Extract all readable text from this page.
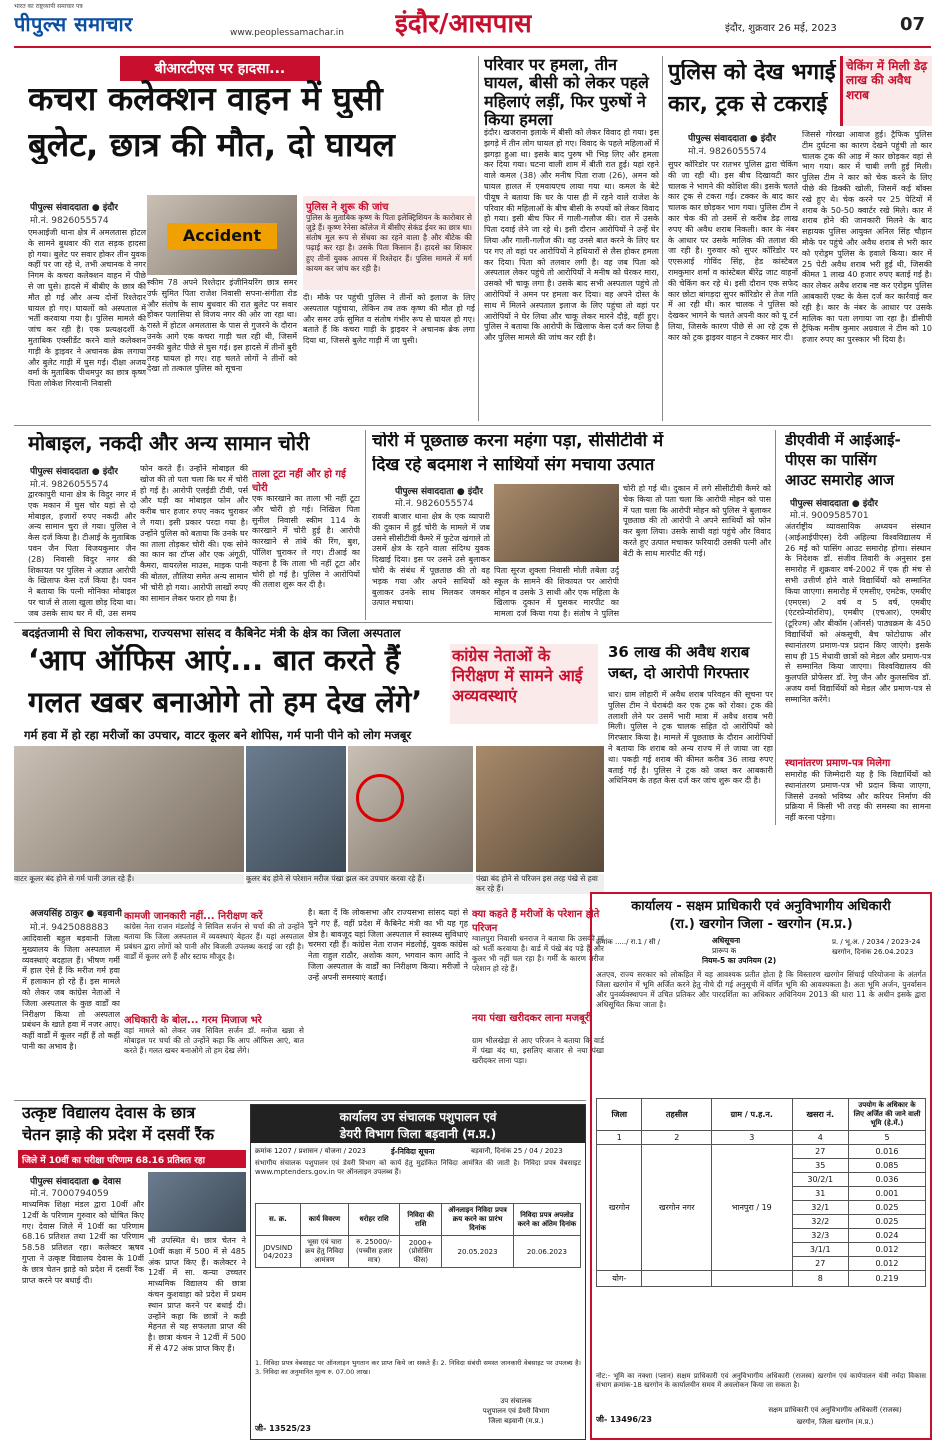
पीपुल्स समाचार
भारत का राष्ट्रव्यापी समाचार पत्र
www.peoplessamachar.in इंदौर/आसपास	इंदौर, शुक्रवार 26 मई, 2023	07
बीआरटीएस पर हादसा...
कचरा कलेक्शन वाहन में घुसी
बुलेट, छात्र की मौत, दो घायल
पीपुल्स संवाददाता ● इंदौर
मो.नं. 9826055574
Accident
पुलिस ने शुरू की जांच
पुलिस के मुताबिक कृष्ण के पिता इलेक्ट्रिशियन के कारोबार से जुड़े हैं। कृष्ण रेनेसा कॉलेज में बीसीए सेकंड ईयर का छात्र था। संतोष मूल रूप से सेंधवा का रहने वाला है और बीटेक की पढ़ाई कर रहा है। उसके पिता किसान हैं। हादसे का शिकार हुए तीनों युवक आपस में रिश्तेदार हैं। पुलिस मामले में मर्ग कायम कर जांच कर रही है।
एमआईजी थाना क्षेत्र में अमलतास होटल के सामने बुधवार की रात सड़क हादसा हो गया। बुलेट पर सवार होकर तीन युवक कहीं पर जा रहे थे, तभी अचानक वे नगर निगम के कचरा कलेक्शन वाहन में पीछे से जा घुसे। हादसे में बीबीए के छात्र की मौत हो गई और अन्य दोनों रिश्तेदार घायल हो गए। घायलों को अस्पताल में भर्ती करवाया गया है। पुलिस मामले की जांच कर रही है। एक प्रत्यक्षदर्शी के मुताबिक एक्सीडेंट करने वाले कलेक्शन गाड़ी के ड्राइवर ने अचानक ब्रेक लगाया और बुलेट गाड़ी में घुस गई। दीक्षा अजय वर्मा के मुताबिक पीथमपुर का छात्र कृष्ण पिता लोकेश गिरवानी निवासी
स्कीम 78 अपने रिश्तेदार इंजीनियरिंग छात्र समर उर्फ सुमित पिता राजेश निवासी सपना-संगीता रोड और संतोष के साथ बुधवार की रात बुलेट पर सवार होकर पलासिया से विजय नगर की ओर जा रहा था। रास्ते में होटल अमलतास के पास से गुजरने के दौरान उनके आगे एक कचरा गाड़ी चल रही थी, जिसमें उनकी बुलेट पीछे से घुस गई। इस हादसे में तीनों बुरी तरह घायल हो गए। राह चलते लोगों ने तीनों को देखा तो तत्काल पुलिस को सूचना
दी। मौके पर पहुंची पुलिस ने तीनों को इलाज के लिए अस्पताल पहुंचाया, लेकिन तब तक कृष्ण की मौत हो गई और समर उर्फ सुमित व संतोष गंभीर रूप से घायल हो गए। बताते हैं कि कचरा गाड़ी के ड्राइवर ने अचानक ब्रेक लगा दिया था, जिससे बुलेट गाड़ी में जा घुसी।
परिवार पर हमला, तीन घायल, बीसी को लेकर पहले महिलाएं लड़ीं, फिर पुरुषों ने किया हमला
इंदौर। खजराना इलाके में बीसी को लेकर विवाद हो गया। इस झगड़े में तीन लोग घायल हो गए। विवाद के पहले महिलाओं में झगड़ा हुआ था। इसके बाद पुरुष भी भिड़ लिए और हमला कर दिया गया। घटना वाली शाम में बीती रात हुई। यहां रहने वाले कमल (38) और मनीष पिता राजा (26), अमन को घायल हालत में एमवायएच लाया गया था। कमल के बेटे पीयूष ने बताया कि घर के पास ही में रहने वाले राजेश के परिवार की महिलाओं के बीच बीसी के रुपयों को लेकर विवाद हो गया। इसी बीच फिर में गाली-गलौज की। रात में उसके पिता दवाई लेने जा रहे थे। इसी दौरान आरोपियों ने उन्हें घेर लिया और गाली-गलौज की। वह उनसे बात करने के लिए घर पर गए तो वहां पर आरोपियों ने हथियारों से लैस होकर हमला कर दिया। पिता को तलवार लगी है। वह जब पिता को अस्पताल लेकर पहुंचे तो आरोपियों ने मनीष को घेरकर मारा, उसको भी चाकू लगा है। उसके बाद सभी अस्पताल पहुंचे तो आरोपियों ने अमन पर हमला कर दिया। वह अपने दोस्त के साथ में मिलने अस्पताल इलाज के लिए पहुंचा तो वहां पर आरोपियों ने घेर लिया और चाकू लेकर मारने दौड़े, वहीं हुए। पुलिस ने बताया कि आरोपी के खिलाफ केस दर्ज कर लिया है और पुलिस मामले की जांच कर रही है।
पुलिस को देख भगाई
कार, ट्रक से टकराई
चेकिंग में मिली डेढ़ लाख की अवैध शराब
पीपुल्स संवाददाता ● इंदौर
मो.नं. 9826055574
सुपर कॉरिडोर पर रातभर पुलिस द्वारा चेकिंग की जा रही थी। इस बीच दिखावटी कार चालक ने भागने की कोशिश की। इसके चलते कार ट्रक से टकरा गई। टक्कर के बाद कार चालक कार छोड़कर भाग गया। पुलिस टीम ने कार चेक की तो उसमें से करीब डेढ़ लाख रुपए की अवैध शराब निकली। कार के नंबर के आधार पर उसके मालिक की तलाश की जा रही है। गुरुवार को सुपर कॉरिडोर पर एएसआई गोविंद सिंह, हेड कांस्टेबल रामकुमार शर्मा व कांस्टेबल बीरेंद्र जाट वाहनों की चेकिंग कर रहे थे। इसी दौरान एक सफेद कार छोटा बांगड़दा सुपर कॉरिडोर से तेज गति में आ रही थी। कार चालक ने पुलिस को देखकर भागने के चलते अपनी कार को यू टर्न लिया, जिसके कारण पीछे से आ रहे ट्रक से कार को ट्रक ड्राइवर वाहन ने टक्कर मार दी।
जिससे गोरखा आवाज हुई। ट्रैफिक पुलिस टीम दुर्घटना का कारण देखने पहुंची तो कार चालक ट्रक की आड़ में कार छोड़कर वहां से भाग गया। कार में चाबी लगी हुई मिली। पुलिस टीम ने कार को चेक करने के लिए पीछे की डिक्की खोली, जिसमें कई बॉक्स रखे हुए थे। चेक करने पर 25 पेटियों में शराब के 50-50 क्वार्टर रखे मिले। कार में शराब होने की जानकारी मिलने के बाद सहायक पुलिस आयुक्त अनिल सिंह चौहान मौके पर पहुंचे और अवैध शराब से भरी कार को एरोड्रम पुलिस के हवाले किया। कार में 25 पेटी अवैध शराब भरी हुई थी, जिसकी कीमत 1 लाख 40 हजार रुपए बताई गई है। कार लेकर अवैध शराब नष्ट कर एरोड्रम पुलिस आबकारी एक्ट के केस दर्ज कर कार्रवाई कर रही है। कार के नंबर के आधार पर उसके मालिक का पता लगाया जा रहा है। डीसीपी ट्रैफिक मनीष कुमार अग्रवाल ने टीम को 10 हजार रुपए का पुरस्कार भी दिया है।
मोबाइल, नकदी और अन्य सामान चोरी
पीपुल्स संवाददाता ● इंदौर
मो.नं. 9826055574
द्वारकापुरी थाना क्षेत्र के विदुर नगर में एक मकान में घुस चोर यहां से दो मोबाइल, हजारों रुपए नकदी और अन्य सामान चुरा ले गया। पुलिस ने केस दर्ज किया है। टीआई के मुताबिक पवन जैन पिता विजयकुमार जैन (28) निवासी विदुर नगर की शिकायत पर पुलिस ने अज्ञात आरोपी के खिलाफ केस दर्ज किया है। पवन ने बताया कि पत्नी मोनिका मोबाइल पर चार्ज से ताला खुला छोड़ दिया था। जब उसके साथ घर में थी, उस समय
फोन करते हैं। उन्होंने मोबाइल की खोज की तो पता चला कि घर में चोरी हो गई है। आरोपी एलईडी टीवी, पर्स और घड़ी का मोबाइल फोन और करीब चार हजार रुपए नकद चुराकर ले गया। इसी प्रकार परदा गया है। उन्होंने पुलिस को बताया कि उनके घर का ताला तोड़कर चोरी की। एक सोने का कान का टॉप्स और एक अंगूठी, कैमरा, वायरलेस माउस, माइक पानी की बोतल, तौलिया समेत अन्य सामान भी चोरी हो गया। आरोपी लाखों रुपए का सामान लेकर फरार हो गया है।
ताला टूटा नहीं और हो गई चोरी
एक कारखाने का ताला भी नहीं टूटा और चोरी हो गई। निखिल पिता सुनील निवासी स्कीम 114 के कारखाने में चोरी हुई है। आरोपी कारखाने से तांबे की रिंग, बुश, पॉलिश चुराकर ले गए। टीआई का कहना है कि ताला भी नहीं टूटा और चोरी हो गई है। पुलिस ने आरोपियों की तलाश शुरू कर दी है।
चोरी में पूछताछ करना महंगा पड़ा, सीसीटीवी में
दिख रहे बदमाश ने साथियों संग मचाया उत्पात
पीपुल्स संवाददाता ● इंदौर
मो.नं. 9826055574
रावजी बाजार थाना क्षेत्र के एक व्यापारी की दुकान में हुई चोरी के मामले में जब उसने सीसीटीवी कैमरे में फुटेज खंगाले तो उसमें क्षेत्र के रहने वाला संदिग्ध युवक दिखाई दिया। इस पर उसने उसे बुलाकर चोरी के संबंध में पूछताछ की तो वह भड़क गया और अपने साथियों को बुलाकर उनके साथ मिलकर जमकर उत्पात मचाया।
पिता सूरज शुक्ला निवासी मोती तबेला उर्दू स्कूल के सामने की शिकायत पर आरोपी मोहन व उसके 3 साथी और एक महिला के खिलाफ दुकान में घुसकर मारपीट का मामला दर्ज किया गया है। संतोष ने पुलिस
चोरी हो गई थी। दुकान में लगे सीसीटीवी कैमरे को चेक किया तो पता चला कि आरोपी मोहन को पास में पता चला कि आरोपी मोहन को पुलिस ने बुलाकर पूछताछ की तो आरोपी ने अपने साथियों को फोन कर बुला लिया। उसके साथी वहां पहुंचे और विवाद करते हुए उत्पात मचाकर फरियादी उसकी पत्नी और बेटी के साथ मारपीट की गई।
डीएवीवी में आईआई-
पीएस का पासिंग
आउट समारोह आज
पीपुल्स संवाददाता ● इंदौर
मो.नं. 9009585701
अंतर्राष्ट्रीय व्यावसायिक अध्ययन संस्थान (आईआईपीएस) देवी अहिल्या विश्वविद्यालय में 26 मई को पासिंग आउट समारोह होगा। संस्थान के निदेशक डॉ. संजीव तिवारी के अनुसार इस समारोह में शुक्रवार वर्ष-2002 में एक ही मंच से सभी उत्तीर्ण होने वाले विद्यार्थियों को सम्मानित किया जाएगा। समारोह में एमसीए, एमटेक, एमबीए (एमएस) 2 वर्ष व 5 वर्ष, एमबीए (एंटरप्रेन्योरशिप), एमबीए (एचआर), एमबीए (टूरिज्म) और बीकॉम (ऑनर्स) पाठ्यक्रम के 450 विद्यार्थियों को अंकसूची, बैच फोटोग्राफ और स्थानांतरण प्रमाण-पत्र प्रदान किए जाएंगे। इसके साथ ही 15 मेधावी छात्रों को मेडल और प्रमाण-पत्र से सम्मानित किया जाएगा। विश्वविद्यालय की कुलपति प्रोफेसर डॉ. रेणु जैन और कुलसचिव डॉ. अजय वर्मा विद्यार्थियों को मेडल और प्रमाण-पत्र से सम्मानित करेंगे।
स्थानांतरण प्रमाण-पत्र मिलेगा
समारोह की जिम्मेदारी यह है कि विद्यार्थियों को स्थानांतरण प्रमाण-पत्र भी प्रदान किया जाएगा, जिससे उनको भविष्य और करियर निर्माण की प्रक्रिया में किसी भी तरह की समस्या का सामना नहीं करना पड़ेगा।
बदइंतजामी से घिरा लोकसभा, राज्यसभा सांसद व कैबिनेट मंत्री के क्षेत्र का जिला अस्पताल
‘आप ऑफिस आएं... बात करते हैं
गलत खबर बनाओगे तो हम देख लेंगे’
कांग्रेस नेताओं के निरीक्षण में सामने आई अव्यवस्थाएं
गर्म हवा में हो रहा मरीजों का उपचार, वाटर कूलर बने शोपिस, गर्म पानी पीने को लोग मजबूर
वाटर कूलर बंद होने से गर्म पानी उगल रहे हैं।	कूलर बंद होने से परेशान मरीज पंखा झल कर उपचार करवा रहे हैं।	पंखा बंद होने से परिजन इस तरह पंखे से हवा कर रहे हैं।
अजयसिंह ठाकुर ● बड़वानी
मो.नं. 9425088883
आदिवासी बहुल बड़वानी जिला मुख्यालय के जिला अस्पताल में व्यवस्थाएं बदहाल हैं। भीषण गर्मी में हाल ऐसे हैं कि मरीज गर्म हवा में हलाकान हो रहे हैं। इस मामले को लेकर जब कांग्रेस नेताओं ने जिला अस्पताल के कुछ वार्डों का निरीक्षण किया तो अस्पताल प्रबंधन के खाते हवा में नजर आए। कहीं वार्डों में कूलर नहीं हैं तो कहीं पानी का अभाव है।
कामजी जानकारी नहीं... निरीक्षण करें
कांग्रेस नेता राजन मंडलोई ने सिविल सर्जन से चर्चा की तो उन्होंने बताया कि जिला अस्पताल में व्यवस्थाएं बेहतर हैं। यहां अस्पताल प्रबंधन द्वारा लोगों को पानी और बिजली उपलब्ध कराई जा रही है। वार्डों में कूलर लगे हैं और स्टाफ मौजूद है।
अधिकारी के बोल... गरम मिजाज भरे
वहां मामले को लेकर जब सिविल सर्जन डॉ. मनोज खन्ना से मोबाइल पर चर्चा की तो उन्होंने कहा कि आप ऑफिस आएं, बात करते हैं। गलत खबर बनाओगे तो हम देख लेंगे।
है। बता दें कि लोकसभा और राज्यसभा सांसद यहां से चुने गए हैं, वहीं प्रदेश में कैबिनेट मंत्री का भी यह गृह क्षेत्र है। बावजूद यहां जिला अस्पताल में स्वास्थ्य सुविधाएं चरमरा रही हैं। कांग्रेस नेता राजन मंडलोई, युवक कांग्रेस नेता राहुल राठौर, अशोक काग, भगवान काग आदि ने जिला अस्पताल के वार्डों का निरीक्षण किया। मरीजों ने उन्हें अपनी समस्याएं बताईं।
क्या कहते हैं मरीजों के परेशान होते परिजन
ग्वालपुरा निवासी धनराज ने बताया कि उसकी मां को भर्ती करवाया है। वार्ड में पंखे बंद पड़े हैं और कूलर भी नहीं चल रहा है। गर्मी के कारण मरीज परेशान हो रहे हैं।
नया पंखा खरीदकर लाना मजबूरी
ग्राम भीलखेड़ा से आए परिजन ने बताया कि वार्ड में पंखा बंद था, इसलिए बाजार से नया पंखा खरीदकर लाना पड़ा।
36 लाख की अवैध शराब
जब्त, दो आरोपी गिरफ्तार
धार। ग्राम लोहारी में अवैध शराब परिवहन की सूचना पर पुलिस टीम ने घेराबंदी कर एक ट्रक को रोका। ट्रक की तलाशी लेने पर उसमें भारी मात्रा में अवैध शराब भरी मिली। पुलिस ने ट्रक चालक सहित दो आरोपियों को गिरफ्तार किया है। मामले में पूछताछ के दौरान आरोपियों ने बताया कि शराब को अन्य राज्य में ले जाया जा रहा था। पकड़ी गई शराब की कीमत करीब 36 लाख रुपए बताई गई है। पुलिस ने ट्रक को जब्त कर आबकारी अधिनियम के तहत केस दर्ज कर जांच शुरू कर दी है।
कार्यालय - सक्षम प्राधिकारी एवं अनुविभागीय अधिकारी
(रा.) खरगोन जिला - खरगोन (म.प्र.)
क्रमांक ...../ रा.1 / सी /	अधिसूचना
प्रारूप क
नियम-5 का उपनियम (2)
प्र. / भू.अ. / 2034 / 2023-24
खरगोन, दिनांक 26.04.2023
अतएव, राज्य सरकार को लोकहित में यह आवश्यक प्रतीत होता है कि विस्तारण खरगोन सिंचाई परियोजना के अंतर्गत जिला खरगोन में भूमि अर्जित करने हेतु नीचे दी गई अनुसूची में वर्णित भूमि की आवश्यकता है। अतः भूमि अर्जन, पुनर्वासन और पुनर्व्यवस्थापन में उचित प्रतिकर और पारदर्शिता का अधिकार अधिनियम 2013 की धारा 11 के अधीन इसके द्वारा अधिसूचित किया जाता है।
जिला	तहसील	ग्राम / प.ह.न.	खसरा नं.	उपयोग के अधिकार के लिए अर्जित की जाने वाली भूमि (हे.में.)
1	2	3	4	5
खरगोन	खरगोन नगर	भानपुरा / 19	27	0.016
			35	0.085
			30/2/1	0.036
			31	0.001
			32/1	0.025
			32/2	0.025
			32/3	0.024
			3/1/1	0.012
			27	0.012
योग-			8	0.219
नोट:- भूमि का नक्शा (प्लान) सक्षम प्राधिकारी एवं अनुविभागीय अधिकारी (राजस्व) खरगोन एवं कार्यपालन यंत्री नर्मदा विकास संभाग क्रमांक-18 खरगोन के कार्यालयीन समय में अवलोकन किया जा सकता है।
जी- 13496/23
सक्षम प्राधिकारी एवं अनुविभागीय अधिकारी (राजस्व)
खरगोन, जिला खरगोन (म.प्र.)
उत्कृष्ट विद्यालय देवास के छात्र
चेतन झाड़े की प्रदेश में दसवीं रैंक
जिले में 10वीं का परीक्षा परिणाम 68.16 प्रतिशत रहा
पीपुल्स संवाददाता ● देवास
मो.नं. 7000794059
माध्यमिक शिक्षा मंडल द्वारा 10वीं और 12वीं के परिणाम गुरुवार को घोषित किए गए। देवास जिले में 10वीं का परिणाम 68.16 प्रतिशत तथा 12वीं का परिणाम 58.58 प्रतिशत रहा। कलेक्टर ऋषव गुप्ता ने उत्कृष्ट विद्यालय देवास के 10वीं के छात्र चेतन झाड़े को प्रदेश में दसवीं रैंक प्राप्त करने पर बधाई दी।
भी उपस्थित थे। छात्र चेतन ने 10वीं कक्षा में 500 में से 485 अंक प्राप्त किए हैं। कलेक्टर ने 12वीं में सा. कन्या उच्चतर माध्यमिक विद्यालय की छात्रा कंचन कुशवाहा को प्रदेश में प्रथम स्थान प्राप्त करने पर बधाई दी। उन्होंने कहा कि छात्रों ने कड़ी मेहनत से यह सफलता प्राप्त की है। छात्रा कंचन ने 12वीं में 500 में से 472 अंक प्राप्त किए हैं।
कार्यालय उप संचालक पशुपालन एवं
डेयरी विभाग जिला बड़वानी (म.प्र.)
क्रमांक 1207 / प्रशासन / योजना / 2023	ई-निविदा सूचना	बड़वानी, दिनांक 25 / 04 / 2023
संभागीय संचालक पशुपालन एवं डेयरी विभाग को कार्य हेतु मुद्रांकित निविदा आमंत्रित की जाती है। निविदा प्रपत्र वेबसाइट www.mptenders.gov.in पर ऑनलाइन उपलब्ध हैं।
स. क्र.	कार्य विवरण	धरोहर राशि	निविदा की राशि	ऑनलाइन निविदा प्रपत्र क्रय करने का प्रारंभ दिनांक	निविदा प्रपत्र अपलोड करने का अंतिम दिनांक
JDVSIND 04/2023	भूसा एवं चारा क्रय हेतु निविदा आमंत्रण	रु. 25000/- (पच्चीस हजार मात्र)	2000+ (प्रोसेसिंग फीस)	20.05.2023	20.06.2023
1. निविदा प्रपत्र वेबसाइट पर ऑनलाइन भुगतान कर प्राप्त किये जा सकते हैं। 2. निविदा संबंधी समस्त जानकारी वेबसाइट पर उपलब्ध है। 3. निविदा का अनुमानित मूल्य रु. 07.00 लाख।
उप संचालक
पशुपालन एवं डेयरी विभाग
जिला बड़वानी (म.प्र.)
जी- 13525/23
